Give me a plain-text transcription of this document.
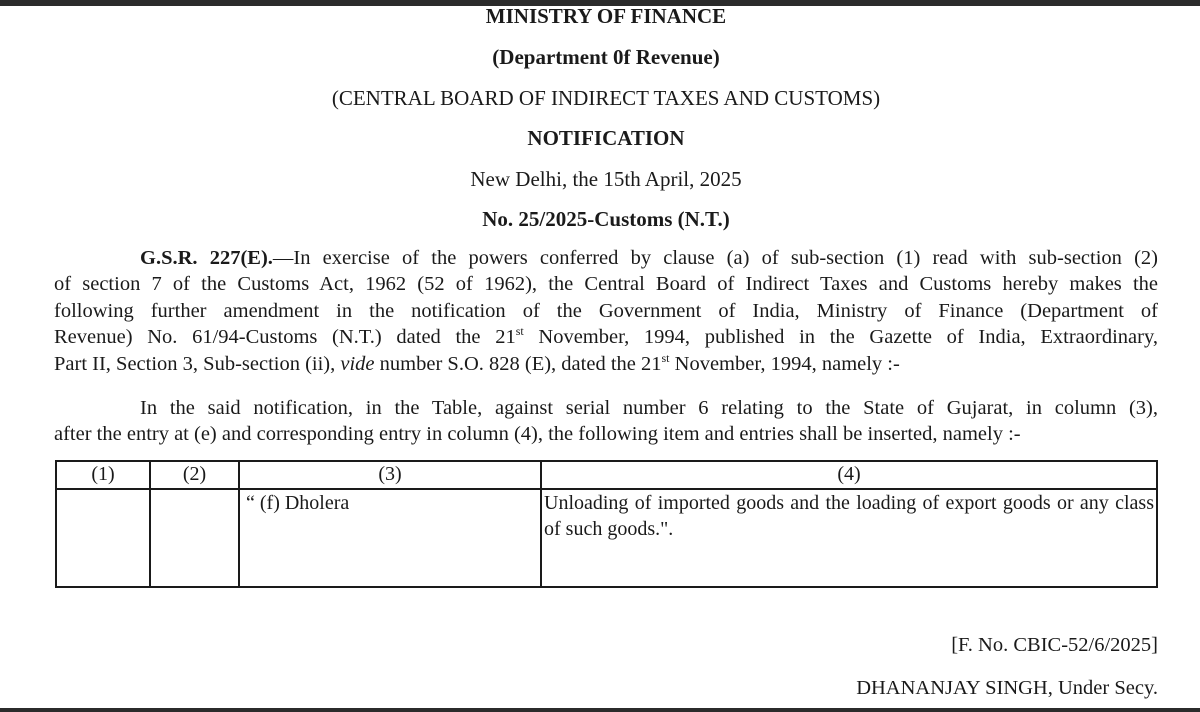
MINISTRY OF FINANCE
(Department 0f Revenue)
(CENTRAL BOARD OF INDIRECT TAXES AND CUSTOMS)
NOTIFICATION
New Delhi, the 15th April, 2025
No. 25/2025-Customs (N.T.)
G.S.R. 227(E).—In exercise of the powers conferred by clause (a) of sub-section (1) read with sub-section (2)
of section 7 of the Customs Act, 1962 (52 of 1962), the Central Board of Indirect Taxes and Customs hereby makes the
following further amendment in the notification of the Government of India, Ministry of Finance (Department of
Revenue) No. 61/94-Customs (N.T.) dated the 21st November, 1994, published in the Gazette of India, Extraordinary,
Part II, Section 3, Sub-section (ii), vide number S.O. 828 (E), dated the 21st November, 1994, namely :-
In the said notification, in the Table, against serial number 6 relating to the State of Gujarat, in column (3),
after the entry at (e) and corresponding entry in column (4), the following item and entries shall be inserted, namely :-
(1)	(2)	(3)	(4)
		“ (f) Dholera	Unloading of imported goods and the loading of export goods or any class of such goods.".
[F. No. CBIC-52/6/2025]
DHANANJAY SINGH, Under Secy.
